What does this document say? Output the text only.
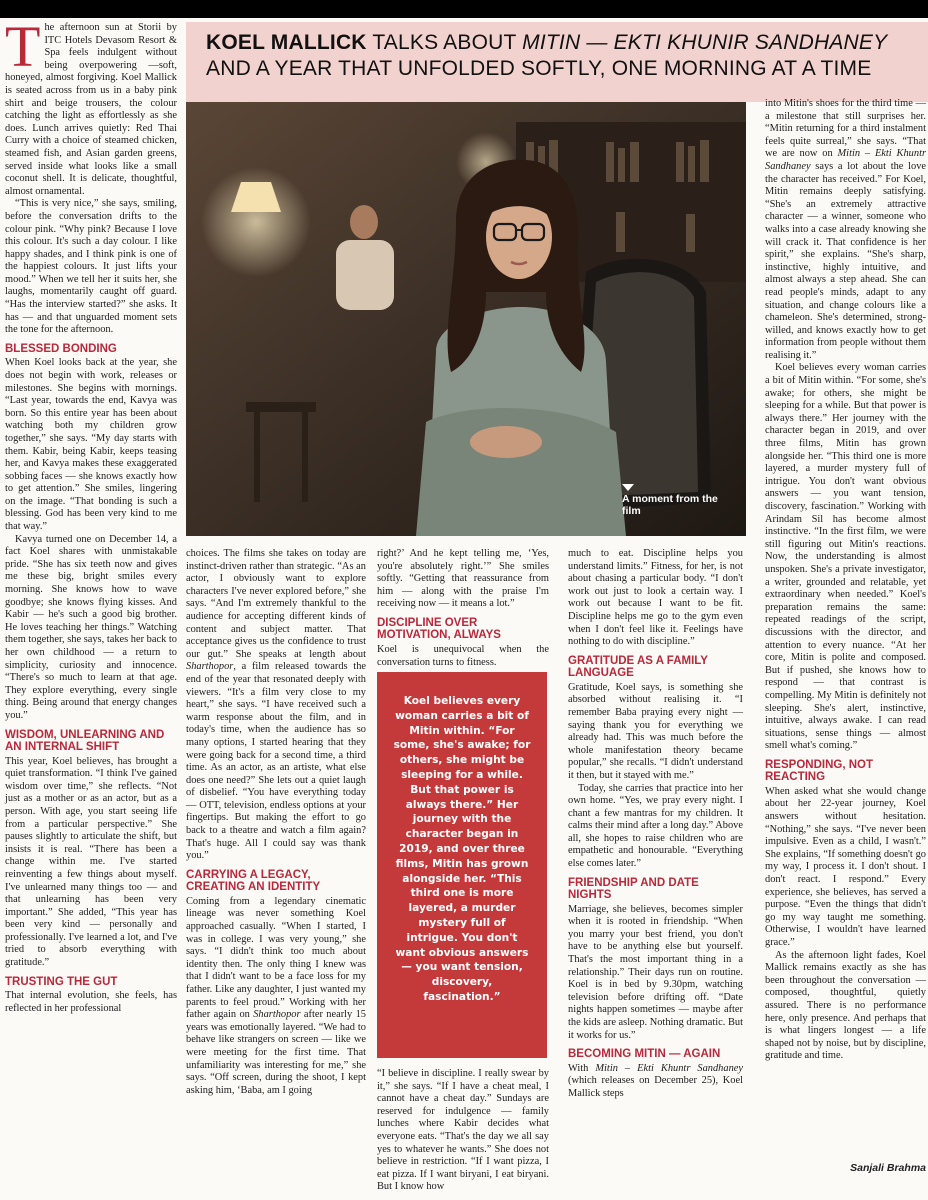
T he afternoon sun at Storii by ITC Hotels Devasom Resort & Spa feels indulgent without being overpowering —soft, honeyed, almost forgiving. Koel Mallick is seated across from us in a baby pink shirt and beige trousers, the colour catching the light as effortlessly as she does. Lunch arrives quietly: Red Thai Curry with a choice of steamed chicken, steamed fish, and Asian garden greens, served inside what looks like a small coconut shell. It is delicate, thoughtful, almost ornamental.

“This is very nice,” she says, smiling, before the conversation drifts to the colour pink. “Why pink? Because I love this colour. It's such a day colour. I like happy shades, and I think pink is one of the happiest colours. It just lifts your mood.” When we tell her it suits her, she laughs, momentarily caught off guard. “Has the interview started?” she asks. It has — and that unguarded moment sets the tone for the afternoon.

BLESSED BONDING

When Koel looks back at the year, she does not begin with work, releases or milestones. She begins with mornings. “Last year, towards the end, Kavya was born. So this entire year has been about watching both my children grow together,” she says. “My day starts with them. Kabir, being Kabir, keeps teasing her, and Kavya makes these exaggerated sobbing faces — she knows exactly how to get attention.” She smiles, lingering on the image. “That bonding is such a blessing. God has been very kind to me that way.”

Kavya turned one on December 14, a fact Koel shares with unmistakable pride. “She has six teeth now and gives me these big, bright smiles every morning. She knows how to wave goodbye; she knows flying kisses. And Kabir — he's such a good big brother. He loves teaching her things.” Watching them together, she says, takes her back to her own childhood — a return to simplicity, curiosity and innocence. “There's so much to learn at that age. They explore everything, every single thing. Being around that energy changes you.”

WISDOM, UNLEARNING AND AN INTERNAL SHIFT

This year, Koel believes, has brought a quiet transformation. “I think I've gained wisdom over time,” she reflects. “Not just as a mother or as an actor, but as a person. With age, you start seeing life from a particular perspective.” She pauses slightly to articulate the shift, but insists it is real. “There has been a change within me. I've started reinventing a few things about myself. I've unlearned many things too — and that unlearning has been very important.” She added, “This year has been very kind — personally and professionally. I've learned a lot, and I've tried to absorb everything with gratitude.”

TRUSTING THE GUT

That internal evolution, she feels, has reflected in her professional

KOEL MALLICK TALKS ABOUT MITIN — EKTI KHUNIR SANDHANEY AND A YEAR THAT UNFOLDED SOFTLY, ONE MORNING AT A TIME
A moment from the film

choices. The films she takes on today are instinct-driven rather than strategic. “As an actor, I obviously want to explore characters I've never explored before,” she says. “And I'm extremely thankful to the audience for accepting different kinds of content and subject matter. That acceptance gives us the confidence to trust our gut.” She speaks at length about Sharthopor, a film released towards the end of the year that resonated deeply with viewers. “It's a film very close to my heart,” she says. “I have received such a warm response about the film, and in today's time, when the audience has so many options, I started hearing that they were going back for a second time, a third time. As an actor, as an artiste, what else does one need?” She lets out a quiet laugh of disbelief. “You have everything today — OTT, television, endless options at your fingertips. But making the effort to go back to a theatre and watch a film again? That's huge. All I could say was thank you.”

CARRYING A LEGACY, CREATING AN IDENTITY

Coming from a legendary cinematic lineage was never something Koel approached casually. “When I started, I was in college. I was very young,” she says. “I didn't think too much about identity then. The only thing I knew was that I didn't want to be a face loss for my father. Like any daughter, I just wanted my parents to feel proud.” Working with her father again on Sharthopor after nearly 15 years was emotionally layered. “We had to behave like strangers on screen — like we were meeting for the first time. That unfamiliarity was interesting for me,” she says. “Off screen, during the shoot, I kept asking him, ‘Baba, am I going

right?’ And he kept telling me, ‘Yes, you're absolutely right.’” She smiles softly. “Getting that reassurance from him — along with the praise I'm receiving now — it means a lot.”

DISCIPLINE OVER MOTIVATION, ALWAYS

Koel is unequivocal when the conversation turns to fitness.

Koel believes every woman carries a bit of Mitin within. “For some, she's awake; for others, she might be sleeping for a while. But that power is always there.” Her journey with the character began in 2019, and over three films, Mitin has grown alongside her. “This third one is more layered, a murder mystery full of intrigue. You don't want obvious answers — you want tension, discovery, fascination.”

“I believe in discipline. I really swear by it,” she says. “If I have a cheat meal, I cannot have a cheat day.” Sundays are reserved for indulgence — family lunches where Kabir decides what everyone eats. “That's the day we all say yes to whatever he wants.” She does not believe in restriction. “If I want pizza, I eat pizza. If I want biryani, I eat biryani. But I know how

much to eat. Discipline helps you understand limits.” Fitness, for her, is not about chasing a particular body. “I don't work out just to look a certain way. I work out because I want to be fit. Discipline helps me go to the gym even when I don't feel like it. Feelings have nothing to do with discipline.”

GRATITUDE AS A FAMILY LANGUAGE

Gratitude, Koel says, is something she absorbed without realising it. “I remember Baba praying every night — saying thank you for everything we already had. This was much before the whole manifestation theory became popular,” she recalls. “I didn't understand it then, but it stayed with me.”

Today, she carries that practice into her own home. “Yes, we pray every night. I chant a few mantras for my children. It calms their mind after a long day.” Above all, she hopes to raise children who are empathetic and honourable. “Everything else comes later.”

FRIENDSHIP AND DATE NIGHTS

Marriage, she believes, becomes simpler when it is rooted in friendship. “When you marry your best friend, you don't have to be anything else but yourself. That's the most important thing in a relationship.” Their days run on routine. Koel is in bed by 9.30pm, watching television before drifting off. “Date nights happen sometimes — maybe after the kids are asleep. Nothing dramatic. But it works for us.”

BECOMING MITIN — AGAIN

With Mitin – Ekti Khuntr Sandhaney (which releases on December 25), Koel Mallick steps

into Mitin's shoes for the third time — a milestone that still surprises her. “Mitin returning for a third instalment feels quite surreal,” she says. “That we are now on Mitin – Ekti Khuntr Sandhaney says a lot about the love the character has received.” For Koel, Mitin remains deeply satisfying. “She's an extremely attractive character — a winner, someone who walks into a case already knowing she will crack it. That confidence is her spirit,” she explains. “She's sharp, instinctive, highly intuitive, and almost always a step ahead. She can read people's minds, adapt to any situation, and change colours like a chameleon. She's determined, strong-willed, and knows exactly how to get information from people without them realising it.”

Koel believes every woman carries a bit of Mitin within. “For some, she's awake; for others, she might be sleeping for a while. But that power is always there.” Her journey with the character began in 2019, and over three films, Mitin has grown alongside her. “This third one is more layered, a murder mystery full of intrigue. You don't want obvious answers — you want tension, discovery, fascination.” Working with Arindam Sil has become almost instinctive. “In the first film, we were still figuring out Mitin's reactions. Now, the understanding is almost unspoken. She's a private investigator, a writer, grounded and relatable, yet extraordinary when needed.” Koel's preparation remains the same: repeated readings of the script, discussions with the director, and attention to every nuance. “At her core, Mitin is polite and composed. But if pushed, she knows how to respond — that contrast is compelling. My Mitin is definitely not sleeping. She's alert, instinctive, intuitive, always awake. I can read situations, sense things — almost smell what's coming.”

RESPONDING, NOT REACTING

When asked what she would change about her 22-year journey, Koel answers without hesitation. “Nothing,” she says. “I've never been impulsive. Even as a child, I wasn't.” She explains, “If something doesn't go my way, I process it. I don't shout. I don't react. I respond.” Every experience, she believes, has served a purpose. “Even the things that didn't go my way taught me something. Otherwise, I wouldn't have learned grace.”

As the afternoon light fades, Koel Mallick remains exactly as she has been throughout the conversation — composed, thoughtful, quietly assured. There is no performance here, only presence. And perhaps that is what lingers longest — a life shaped not by noise, but by discipline, gratitude and time.

Sanjali Brahma
